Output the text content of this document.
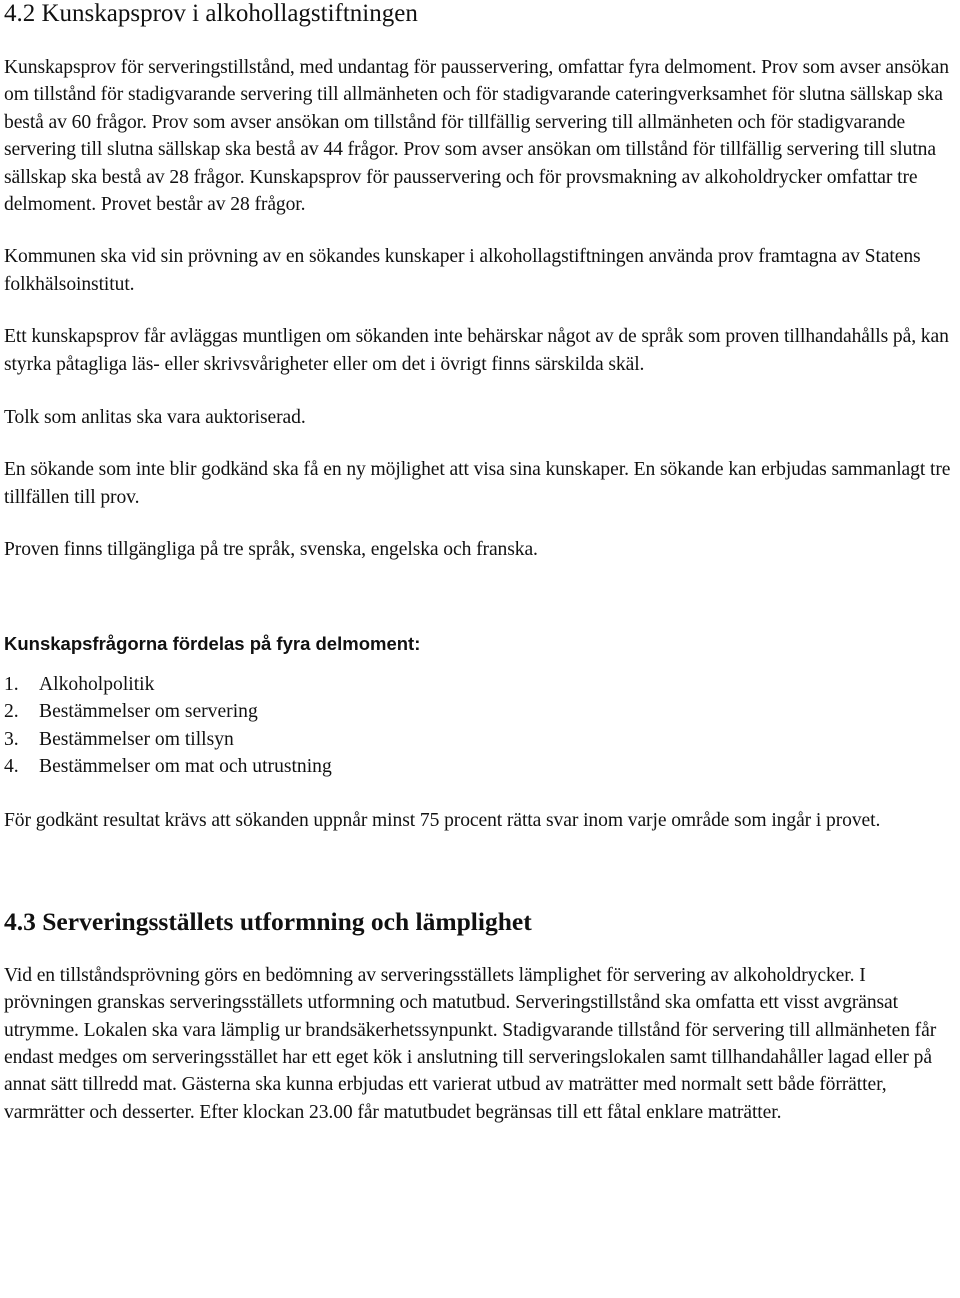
4.2 Kunskapsprov i alkohollagstiftningen

Kunskapsprov för serveringstillstånd, med undantag för pausservering, omfattar fyra delmoment. Prov som avser ansökan om tillstånd för stadigvarande servering till allmänheten och för stadigvarande cateringverksamhet för slutna sällskap ska bestå av 60 frågor. Prov som avser ansökan om tillstånd för tillfällig servering till allmänheten och för stadigvarande servering till slutna sällskap ska bestå av 44 frågor. Prov som avser ansökan om tillstånd för tillfällig servering till slutna sällskap ska bestå av 28 frågor. Kunskapsprov för pausservering och för provsmakning av alkoholdrycker omfattar tre delmoment. Provet består av 28 frågor.

Kommunen ska vid sin prövning av en sökandes kunskaper i alkohollagstiftningen använda prov framtagna av Statens folkhälsoinstitut.

Ett kunskapsprov får avläggas muntligen om sökanden inte behärskar något av de språk som proven tillhandahålls på, kan styrka påtagliga läs- eller skrivsvårigheter eller om det i övrigt finns särskilda skäl.

Tolk som anlitas ska vara auktoriserad.

En sökande som inte blir godkänd ska få en ny möjlighet att visa sina kunskaper. En sökande kan erbjudas sammanlagt tre tillfällen till prov.

Proven finns tillgängliga på tre språk, svenska, engelska och franska.

Kunskapsfrågorna fördelas på fyra delmoment:
1. Alkoholpolitik
2. Bestämmelser om servering
3. Bestämmelser om tillsyn
4. Bestämmelser om mat och utrustning

För godkänt resultat krävs att sökanden uppnår minst 75 procent rätta svar inom varje område som ingår i provet.

4.3 Serveringsställets utformning och lämplighet

Vid en tillståndsprövning görs en bedömning av serveringsställets lämplighet för servering av alkoholdrycker. I prövningen granskas serveringsställets utformning och matutbud. Serveringstillstånd ska omfatta ett visst avgränsat utrymme. Lokalen ska vara lämplig ur brandsäkerhetssynpunkt. Stadigvarande tillstånd för servering till allmänheten får endast medges om serveringsstället har ett eget kök i anslutning till serveringslokalen samt tillhandahåller lagad eller på annat sätt tillredd mat. Gästerna ska kunna erbjudas ett varierat utbud av maträtter med normalt sett både förrätter, varmrätter och desserter. Efter klockan 23.00 får matutbudet begränsas till ett fåtal enklare maträtter.
